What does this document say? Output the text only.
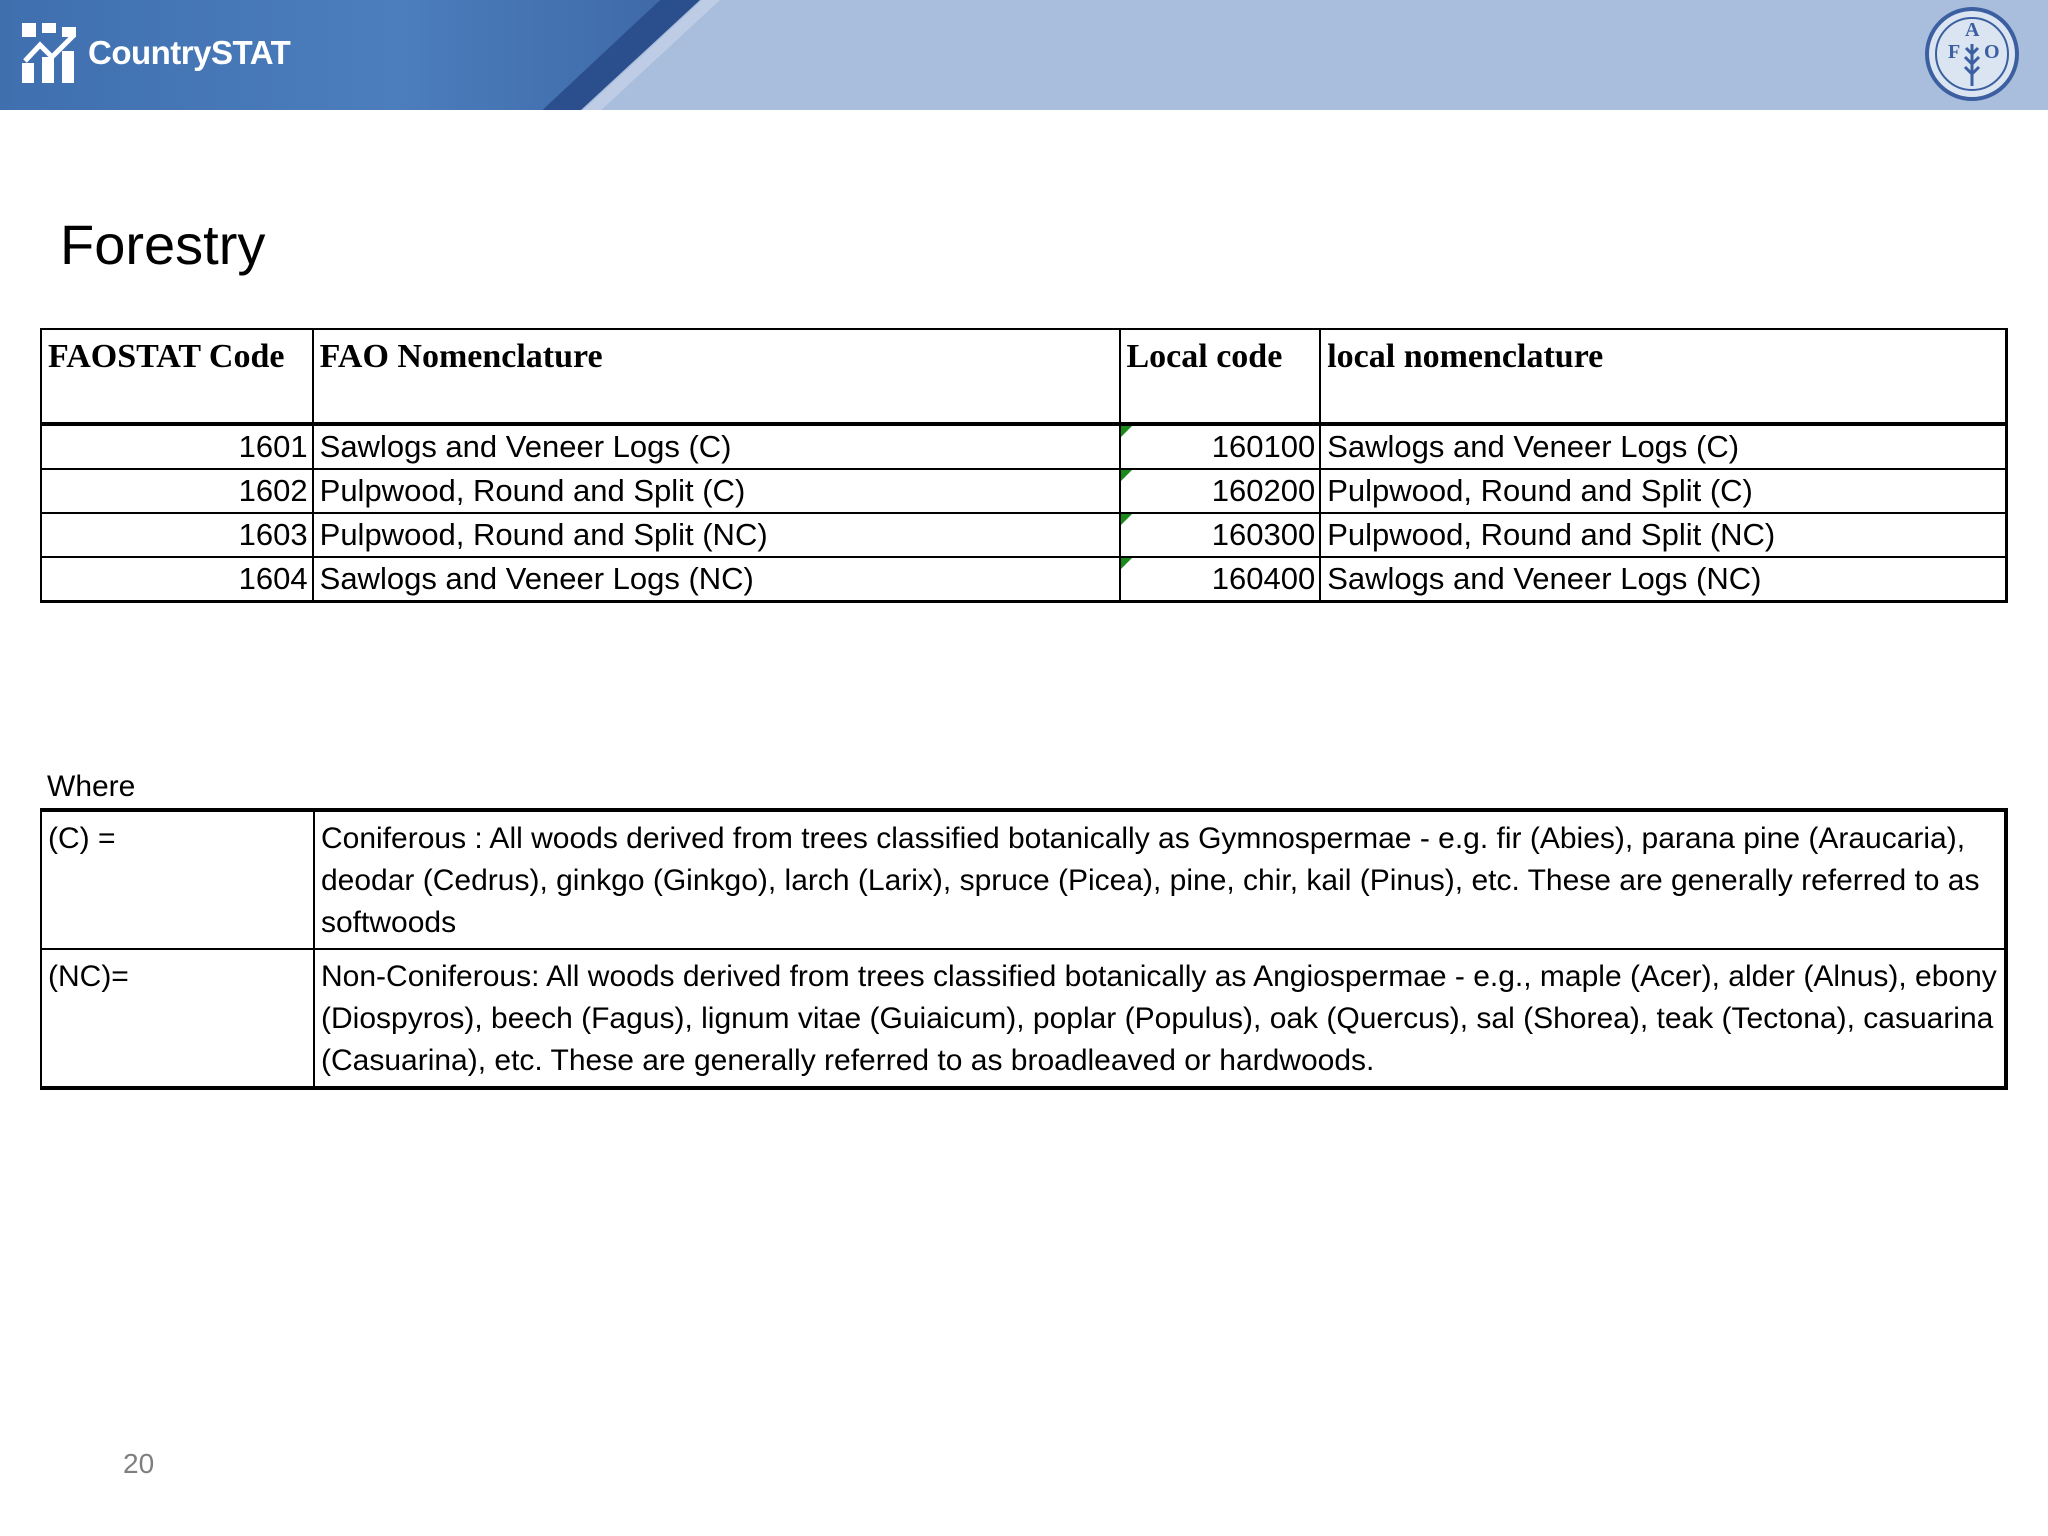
CountrySTAT	F
A
O
Forestry
FAOSTAT Code	FAO Nomenclature	Local code	local nomenclature
1601	Sawlogs and Veneer Logs (C)	160100	Sawlogs and Veneer Logs (C)
1602	Pulpwood, Round and Split (C)	160200	Pulpwood, Round and Split (C)
1603	Pulpwood, Round and Split (NC)	160300	Pulpwood, Round and Split (NC)
1604	Sawlogs and Veneer Logs (NC)	160400	Sawlogs and Veneer Logs (NC)
Where
(C) =	Coniferous : All woods derived from trees classified botanically as Gymnospermae - e.g. fir (Abies), parana pine (Araucaria), deodar (Cedrus), ginkgo (Ginkgo), larch (Larix), spruce (Picea), pine, chir, kail (Pinus), etc. These are generally referred to as softwoods
(NC)=	Non-Coniferous: All woods derived from trees classified botanically as Angiospermae - e.g., maple (Acer), alder (Alnus), ebony (Diospyros), beech (Fagus), lignum vitae (Guiaicum), poplar (Populus), oak (Quercus), sal (Shorea), teak (Tectona), casuarina (Casuarina), etc. These are generally referred to as broadleaved or hardwoods.
20
